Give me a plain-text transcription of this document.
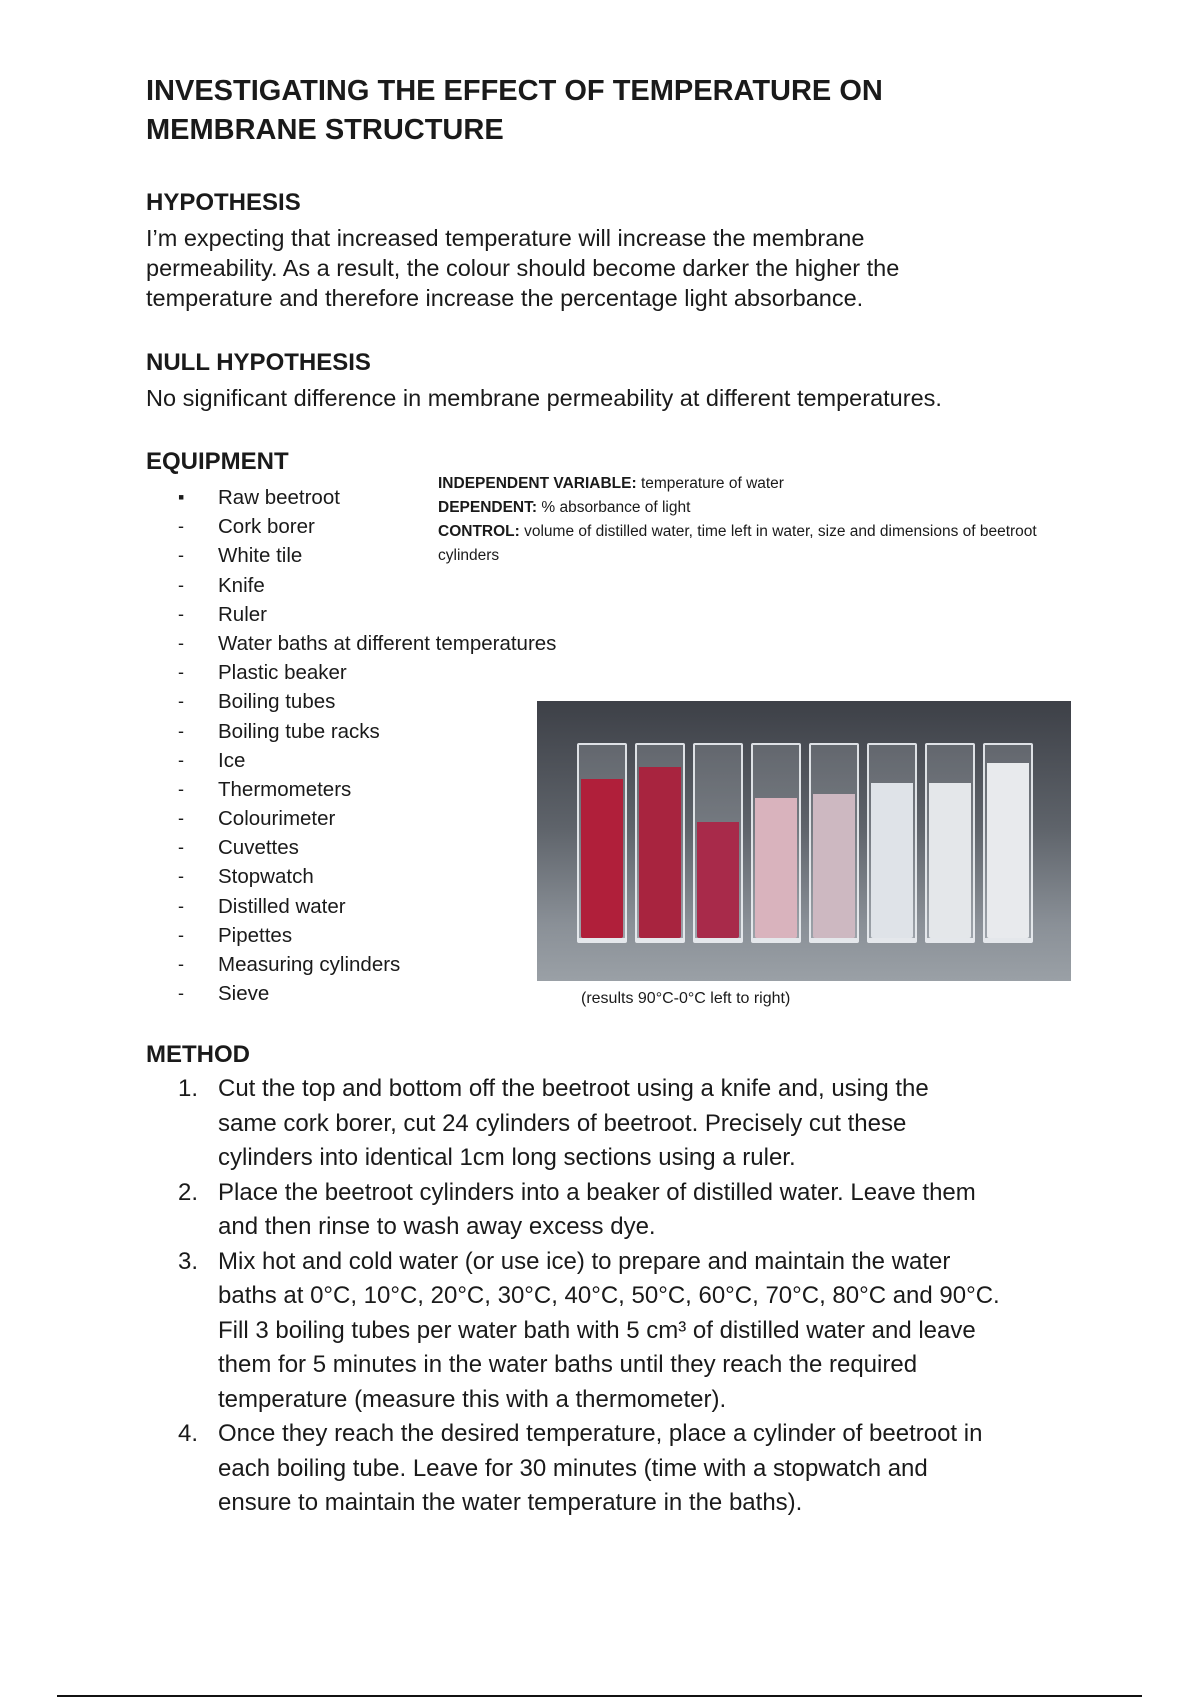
INVESTIGATING THE EFFECT OF TEMPERATURE ON
MEMBRANE STRUCTURE
HYPOTHESIS

I’m expecting that increased temperature will increase the membrane
permeability. As a result, the colour should become darker the higher the
temperature and therefore increase the percentage light absorbance.

NULL HYPOTHESIS

No significant difference in membrane permeability at different temperatures.

EQUIPMENT
INDEPENDENT VARIABLE: temperature of water
DEPENDENT: % absorbance of light
CONTROL: volume of distilled water, time left in water, size and dimensions of beetroot
cylinders
▪ Raw beetroot
- Cork borer
- White tile
- Knife
- Ruler
- Water baths at different temperatures
- Plastic beaker
- Boiling tubes
- Boiling tube racks
- Ice
- Thermometers
- Colourimeter
- Cuvettes
- Stopwatch
- Distilled water
- Pipettes
- Measuring cylinders
- Sieve	(results 90°C-0°C left to right)
METHOD
1. Cut the top and bottom off the beetroot using a knife and, using the
same cork borer, cut 24 cylinders of beetroot. Precisely cut these
cylinders into identical 1cm long sections using a ruler.
2. Place the beetroot cylinders into a beaker of distilled water. Leave them
and then rinse to wash away excess dye.
3. Mix hot and cold water (or use ice) to prepare and maintain the water
baths at 0°C, 10°C, 20°C, 30°C, 40°C, 50°C, 60°C, 70°C, 80°C and 90°C.
Fill 3 boiling tubes per water bath with 5 cm³ of distilled water and leave
them for 5 minutes in the water baths until they reach the required
temperature (measure this with a thermometer).
4. Once they reach the desired temperature, place a cylinder of beetroot in
each boiling tube. Leave for 30 minutes (time with a stopwatch and
ensure to maintain the water temperature in the baths).
